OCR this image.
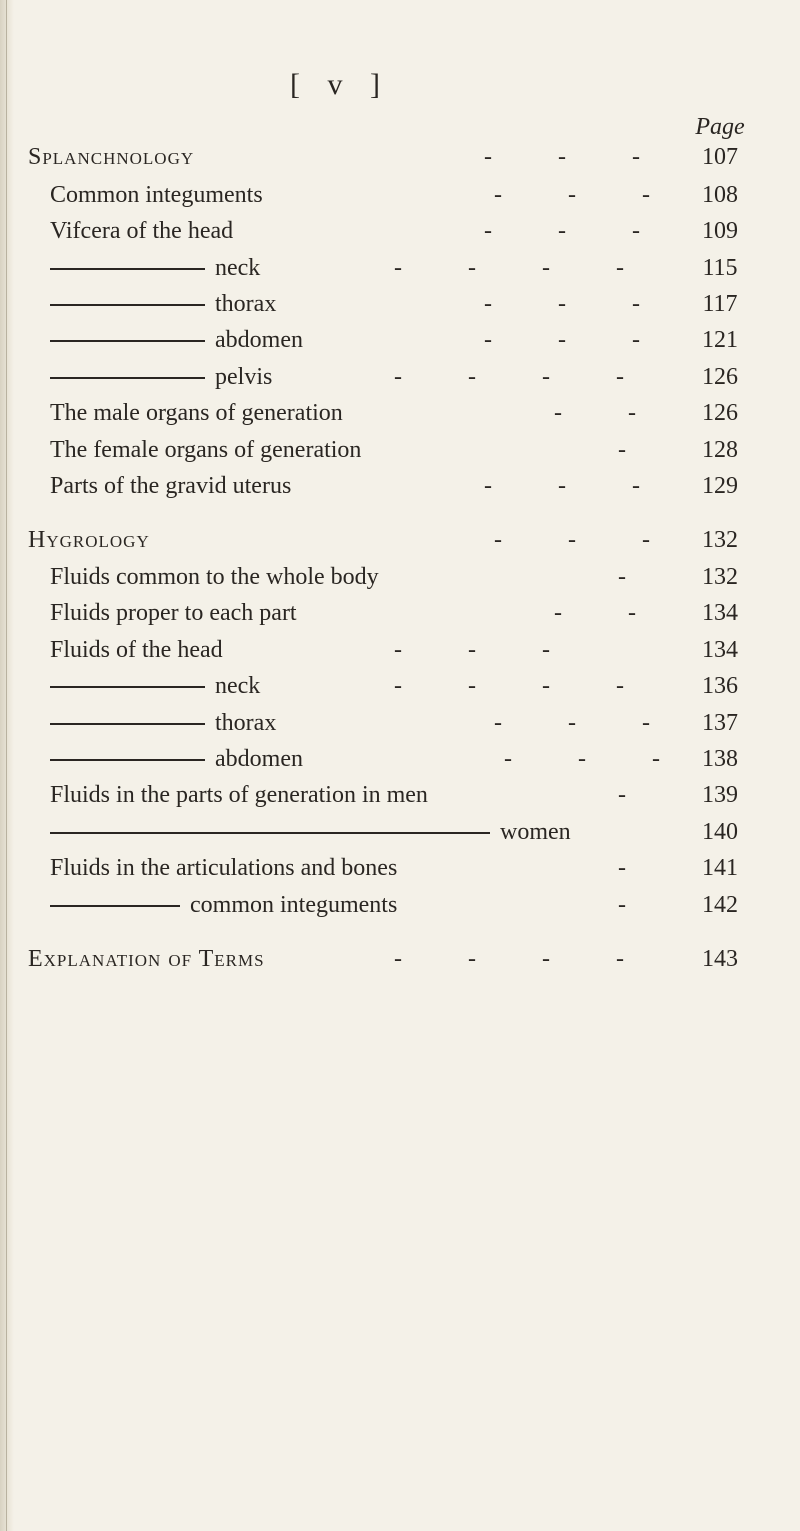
[ v ]
Page
Splanchnology	- - -	107
Common integuments	- - - 108
Vifcera of the head	- - -	109
neck	- - - -	115
thorax	- - -	117
abdomen	- - -	121
pelvis	- - - -	126
The male organs of generation	- -	126
The female organs of generation	-	128
Parts of the gravid uterus	- - -	129
Hygrology	- - - 132
Fluids common to the whole body	-	132
Fluids proper to each part	- -	134
Fluids of the head	- - -	134
neck	- - - -	136
thorax	- - - 137
abdomen	- - - 138
Fluids in the parts of generation in men	-	139
women	140
Fluids in the articulations and bones	-	141
common integuments	-	142
Explanation of Terms	- - - -	143
